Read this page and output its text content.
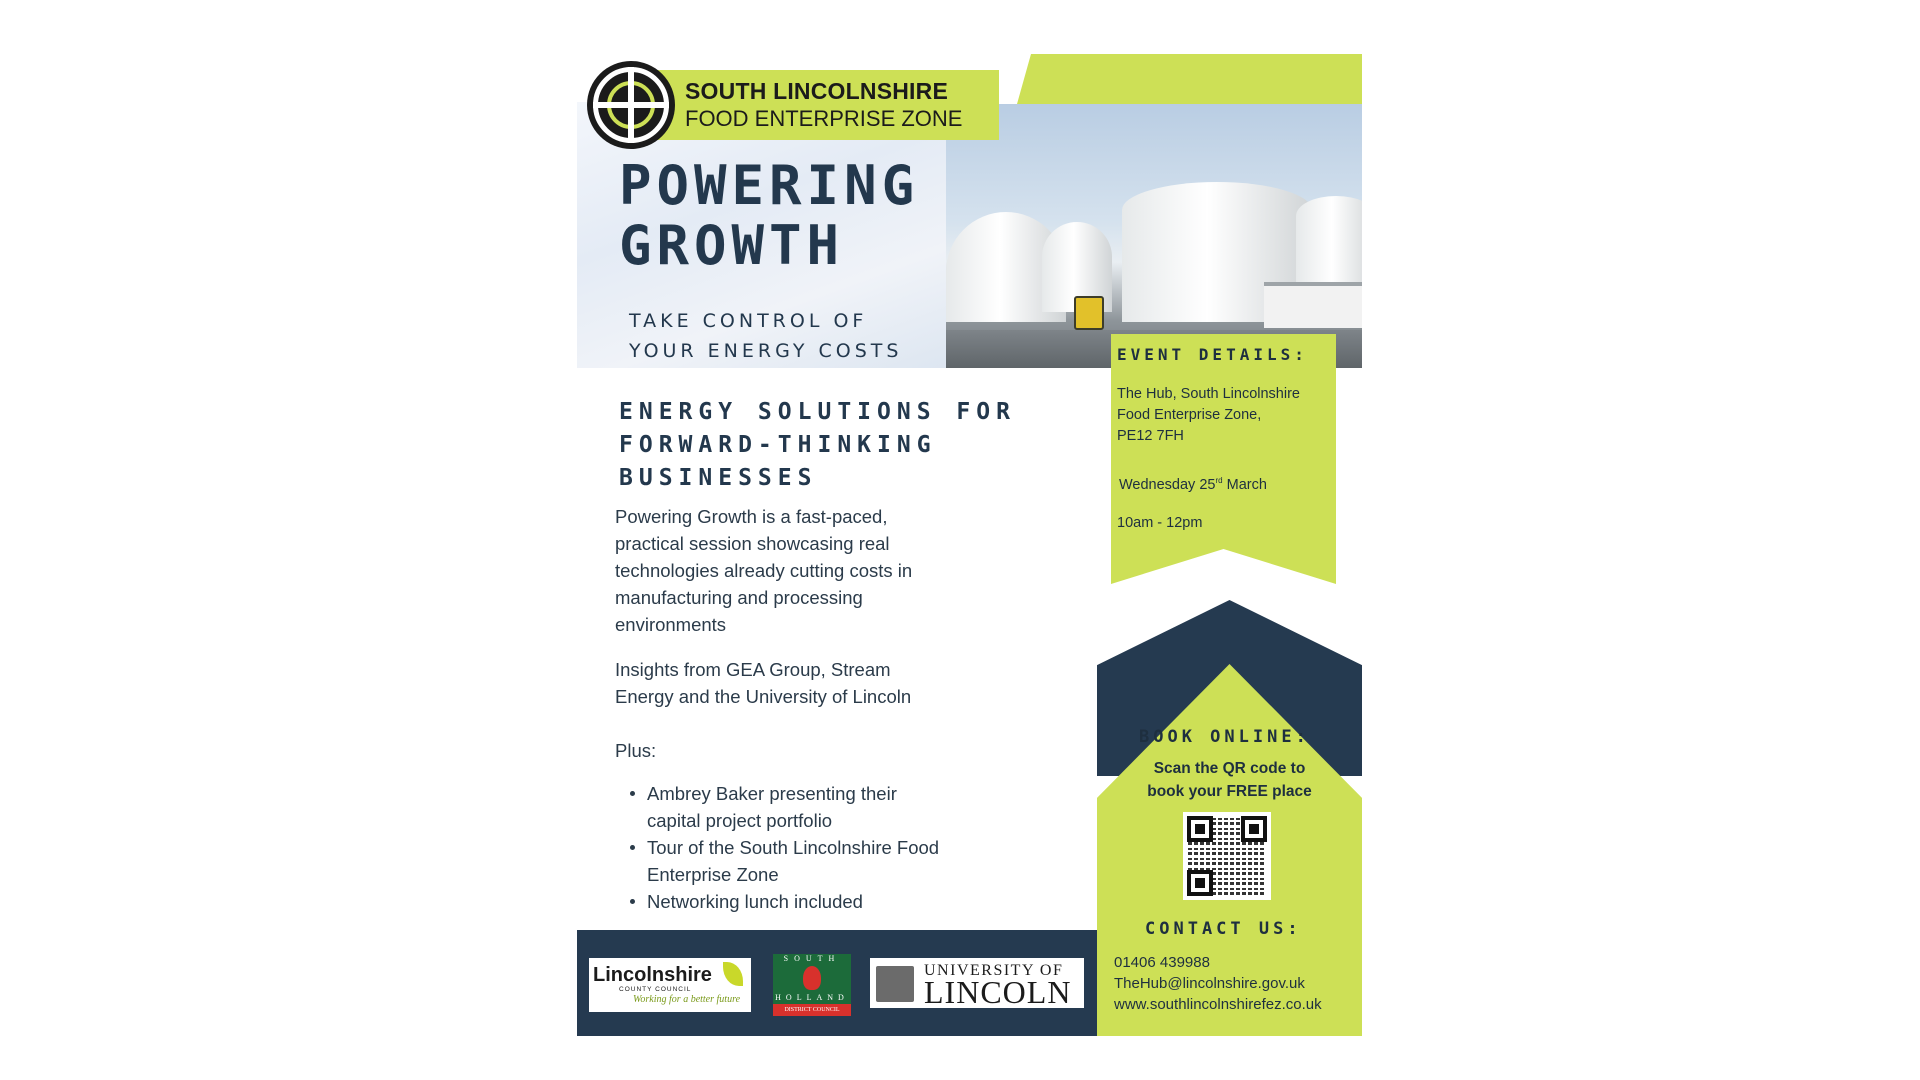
SOUTH LINCOLNSHIRE
FOOD ENTERPRISE ZONE
POWERING
GROWTH
TAKE CONTROL OF
YOUR ENERGY COSTS	EVENT DETAILS:
The Hub, South Lincolnshire
Food Enterprise Zone,
PE12 7FH
Wednesday 25rd March
10am - 12pm
ENERGY SOLUTIONS FOR
FORWARD-THINKING
BUSINESSES
Powering Growth is a fast-paced,
practical session showcasing real
technologies already cutting costs in
manufacturing and processing
environments
Insights from GEA Group, Stream
Energy and the University of Lincoln
Plus:
Ambrey Baker presenting their
capital project portfolio
Tour of the South Lincolnshire Food
Enterprise Zone
Networking lunch included
BOOK ONLINE:
Scan the QR code to
book your FREE place
CONTACT US:
01406 439988
TheHub@lincolnshire.gov.uk
www.southlincolnshirefez.co.uk
Lincolnshire
COUNTY COUNCIL
Working for a better future
SOUTH
HOLLAND
DISTRICT COUNCIL
UNIVERSITY OF
LINCOLN
